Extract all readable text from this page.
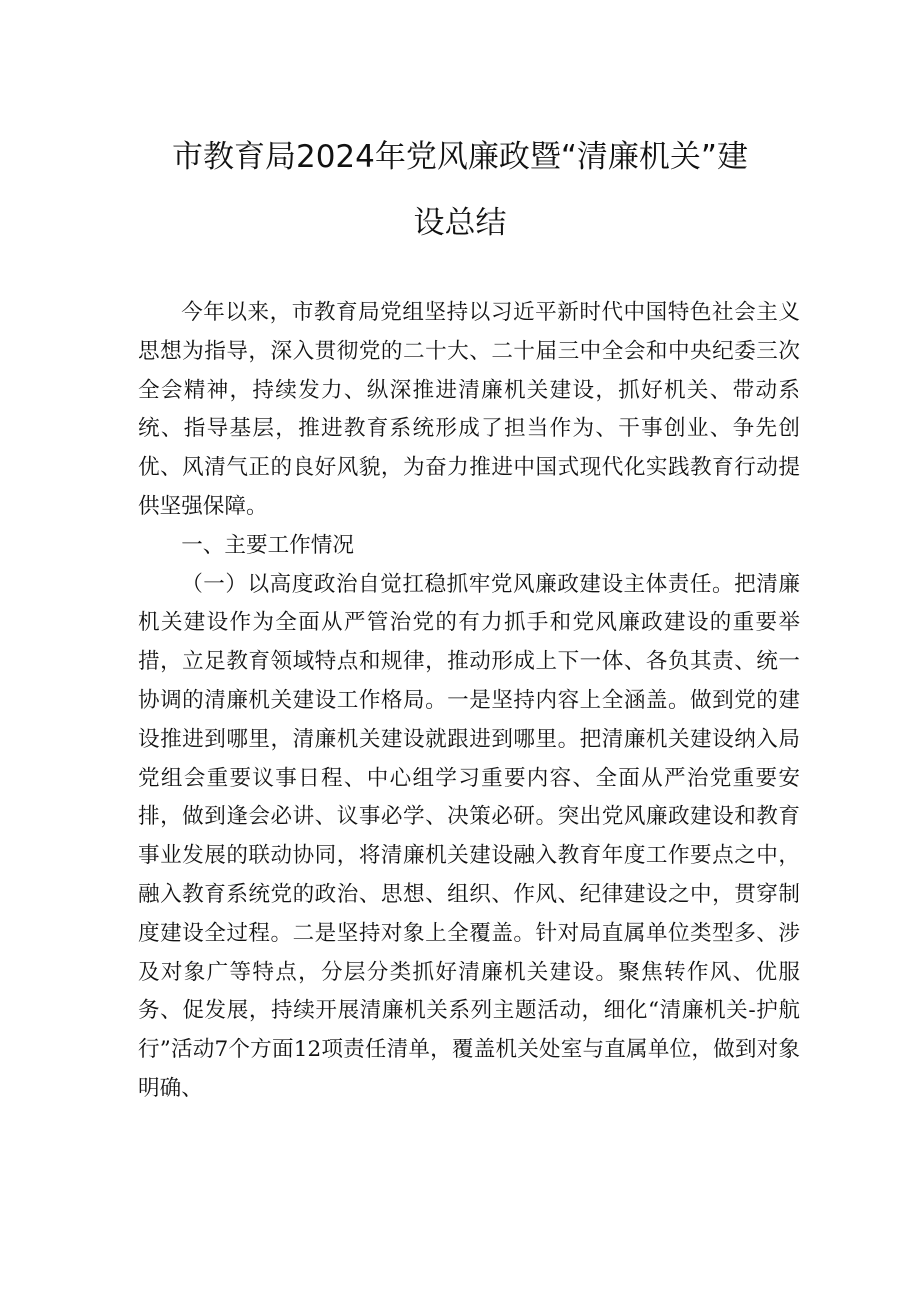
市教育局2024年党风廉政暨“清廉机关”建
设总结

今年以来，市教育局党组坚持以习近平新时代中国特色社会主义思想为指导，深入贯彻党的二十大、二十届三中全会和中央纪委三次全会精神，持续发力、纵深推进清廉机关建设，抓好机关、带动系统、指导基层，推进教育系统形成了担当作为、干事创业、争先创优、风清气正的良好风貌，为奋力推进中国式现代化实践教育行动提供坚强保障。

一、主要工作情况

（一）以高度政治自觉扛稳抓牢党风廉政建设主体责任。把清廉机关建设作为全面从严管治党的有力抓手和党风廉政建设的重要举措，立足教育领域特点和规律，推动形成上下一体、各负其责、统一协调的清廉机关建设工作格局。一是坚持内容上全涵盖。做到党的建设推进到哪里，清廉机关建设就跟进到哪里。把清廉机关建设纳入局党组会重要议事日程、中心组学习重要内容、全面从严治党重要安排，做到逢会必讲、议事必学、决策必研。突出党风廉政建设和教育事业发展的联动协同，将清廉机关建设融入教育年度工作要点之中，融入教育系统党的政治、思想、组织、作风、纪律建设之中，贯穿制度建设全过程。二是坚持对象上全覆盖。针对局直属单位类型多、涉及对象广等特点，分层分类抓好清廉机关建设。聚焦转作风、优服务、促发展，持续开展清廉机关系列主题活动，细化“清廉机关-护航行”活动7个方面12项责任清单，覆盖机关处室与直属单位，做到对象明确、
